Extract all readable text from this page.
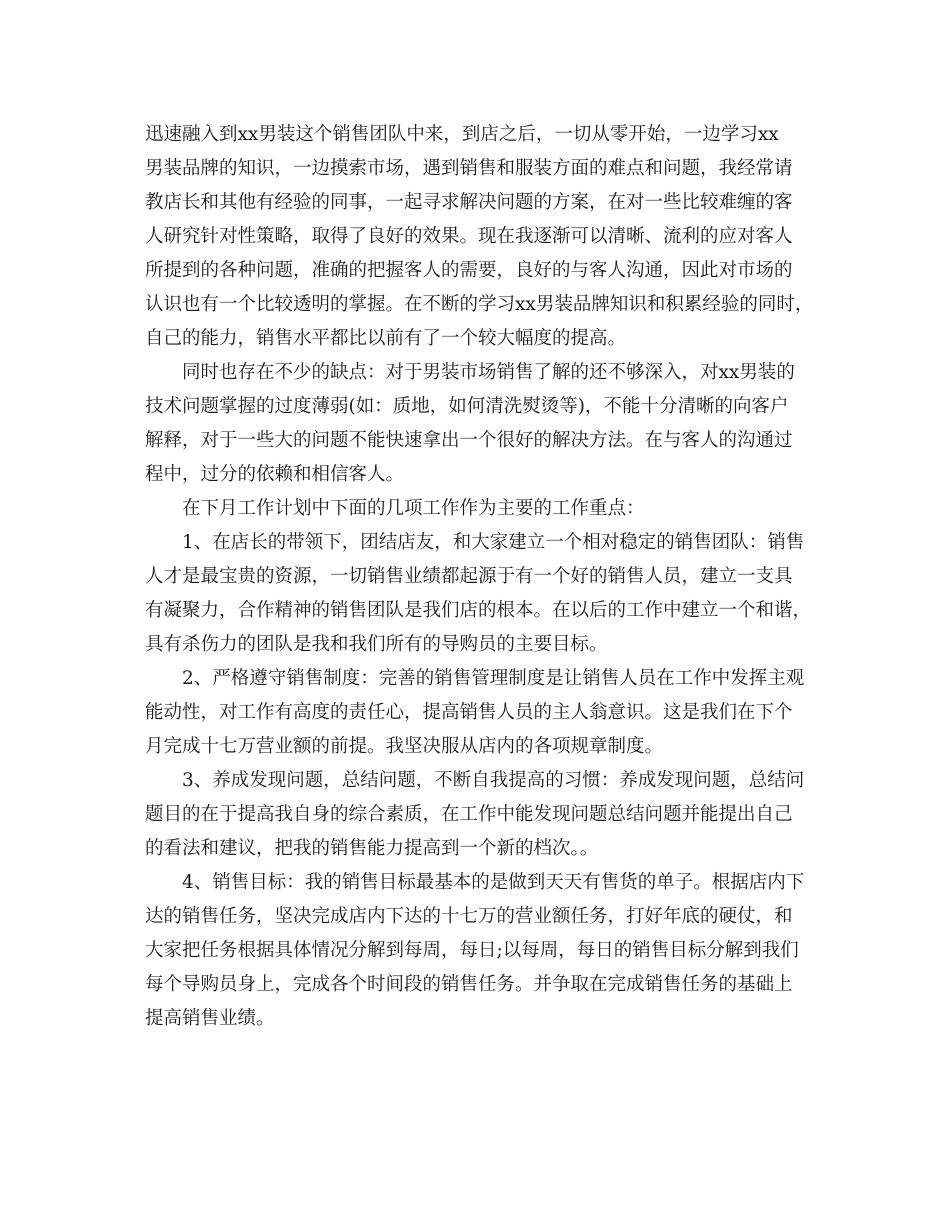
迅速融入到xx男装这个销售团队中来，到店之后，一切从零开始，一边学习xx
男装品牌的知识，一边摸索市场，遇到销售和服装方面的难点和问题，我经常请
教店长和其他有经验的同事，一起寻求解决问题的方案，在对一些比较难缠的客
人研究针对性策略，取得了良好的效果。现在我逐渐可以清晰、流利的应对客人
所提到的各种问题，准确的把握客人的需要，良好的与客人沟通，因此对市场的
认识也有一个比较透明的掌握。在不断的学习xx男装品牌知识和积累经验的同时，
自己的能力，销售水平都比以前有了一个较大幅度的提高。
同时也存在不少的缺点：对于男装市场销售了解的还不够深入，对xx男装的
技术问题掌握的过度薄弱(如：质地，如何清洗熨烫等)，不能十分清晰的向客户
解释，对于一些大的问题不能快速拿出一个很好的解决方法。在与客人的沟通过
程中，过分的依赖和相信客人。
在下月工作计划中下面的几项工作作为主要的工作重点：
1、在店长的带领下，团结店友，和大家建立一个相对稳定的销售团队：销售
人才是最宝贵的资源，一切销售业绩都起源于有一个好的销售人员，建立一支具
有凝聚力，合作精神的销售团队是我们店的根本。在以后的工作中建立一个和谐，
具有杀伤力的团队是我和我们所有的导购员的主要目标。
2、严格遵守销售制度：完善的销售管理制度是让销售人员在工作中发挥主观
能动性，对工作有高度的责任心，提高销售人员的主人翁意识。这是我们在下个
月完成十七万营业额的前提。我坚决服从店内的各项规章制度。
3、养成发现问题，总结问题，不断自我提高的习惯：养成发现问题，总结问
题目的在于提高我自身的综合素质，在工作中能发现问题总结问题并能提出自己
的看法和建议，把我的销售能力提高到一个新的档次。。
4、销售目标：我的销售目标最基本的是做到天天有售货的单子。根据店内下
达的销售任务，坚决完成店内下达的十七万的营业额任务，打好年底的硬仗，和
大家把任务根据具体情况分解到每周，每日;以每周，每日的销售目标分解到我们
每个导购员身上，完成各个时间段的销售任务。并争取在完成销售任务的基础上
提高销售业绩。
